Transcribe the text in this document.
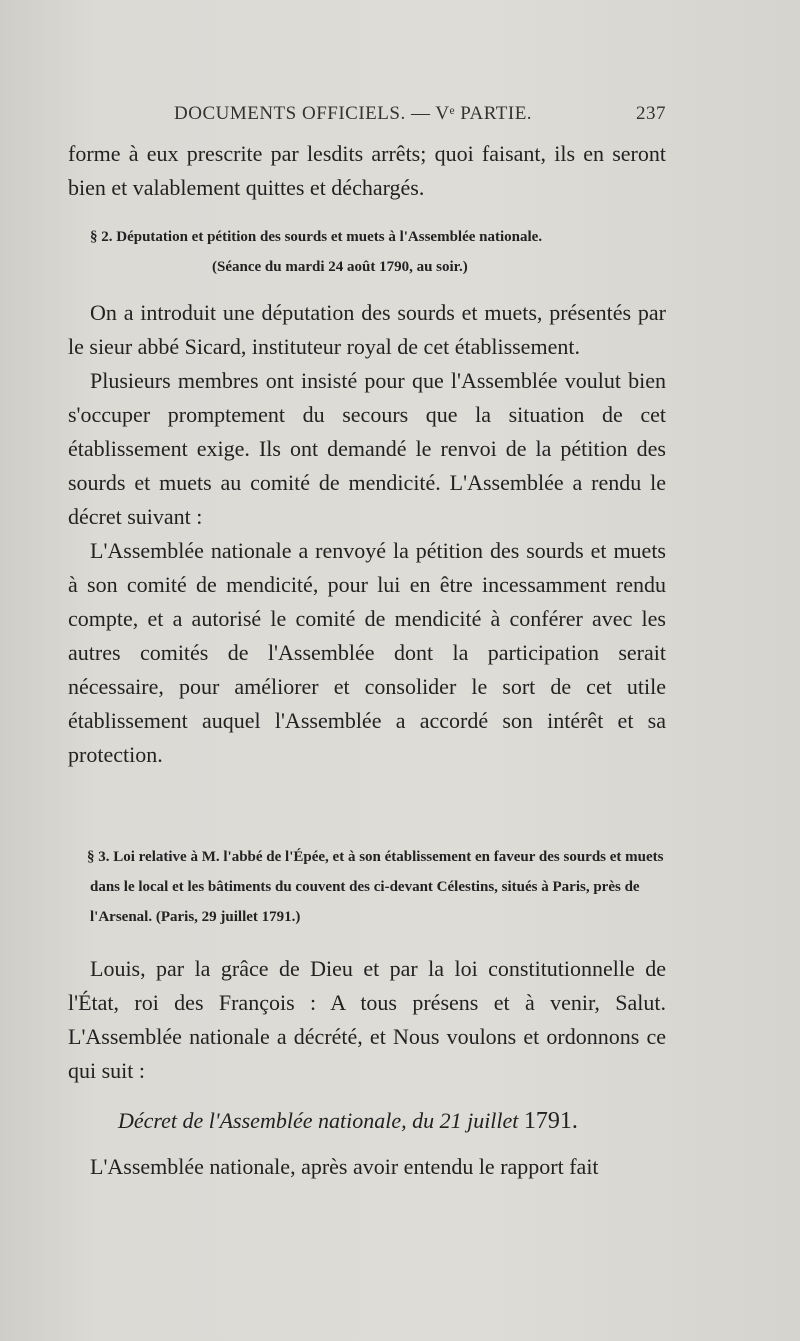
DOCUMENTS OFFICIELS. — Vᵉ PARTIE.	237

forme à eux prescrite par lesdits arrêts; quoi faisant, ils en seront bien et valablement quittes et déchargés.

§ 2. Députation et pétition des sourds et muets à l'Assemblée nationale.

(Séance du mardi 24 août 1790, au soir.)

On a introduit une députation des sourds et muets, présentés par le sieur abbé Sicard, instituteur royal de cet établissement.

Plusieurs membres ont insisté pour que l'Assemblée voulut bien s'occuper promptement du secours que la situation de cet établissement exige. Ils ont demandé le renvoi de la pétition des sourds et muets au comité de mendicité. L'Assemblée a rendu le décret suivant :

L'Assemblée nationale a renvoyé la pétition des sourds et muets à son comité de mendicité, pour lui en être incessamment rendu compte, et a autorisé le comité de mendicité à conférer avec les autres comités de l'Assemblée dont la participation serait nécessaire, pour améliorer et consolider le sort de cet utile établissement auquel l'Assemblée a accordé son intérêt et sa protection.

§ 3. Loi relative à M. l'abbé de l'Épée, et à son établissement en faveur des sourds et muets dans le local et les bâtiments du couvent des ci-devant Célestins, situés à Paris, près de l'Arsenal. (Paris, 29 juillet 1791.)

Louis, par la grâce de Dieu et par la loi constitutionnelle de l'État, roi des François : A tous présens et à venir, Salut. L'Assemblée nationale a décrété, et Nous voulons et ordonnons ce qui suit :

Décret de l'Assemblée nationale, du 21 juillet 1791.

L'Assemblée nationale, après avoir entendu le rapport fait
